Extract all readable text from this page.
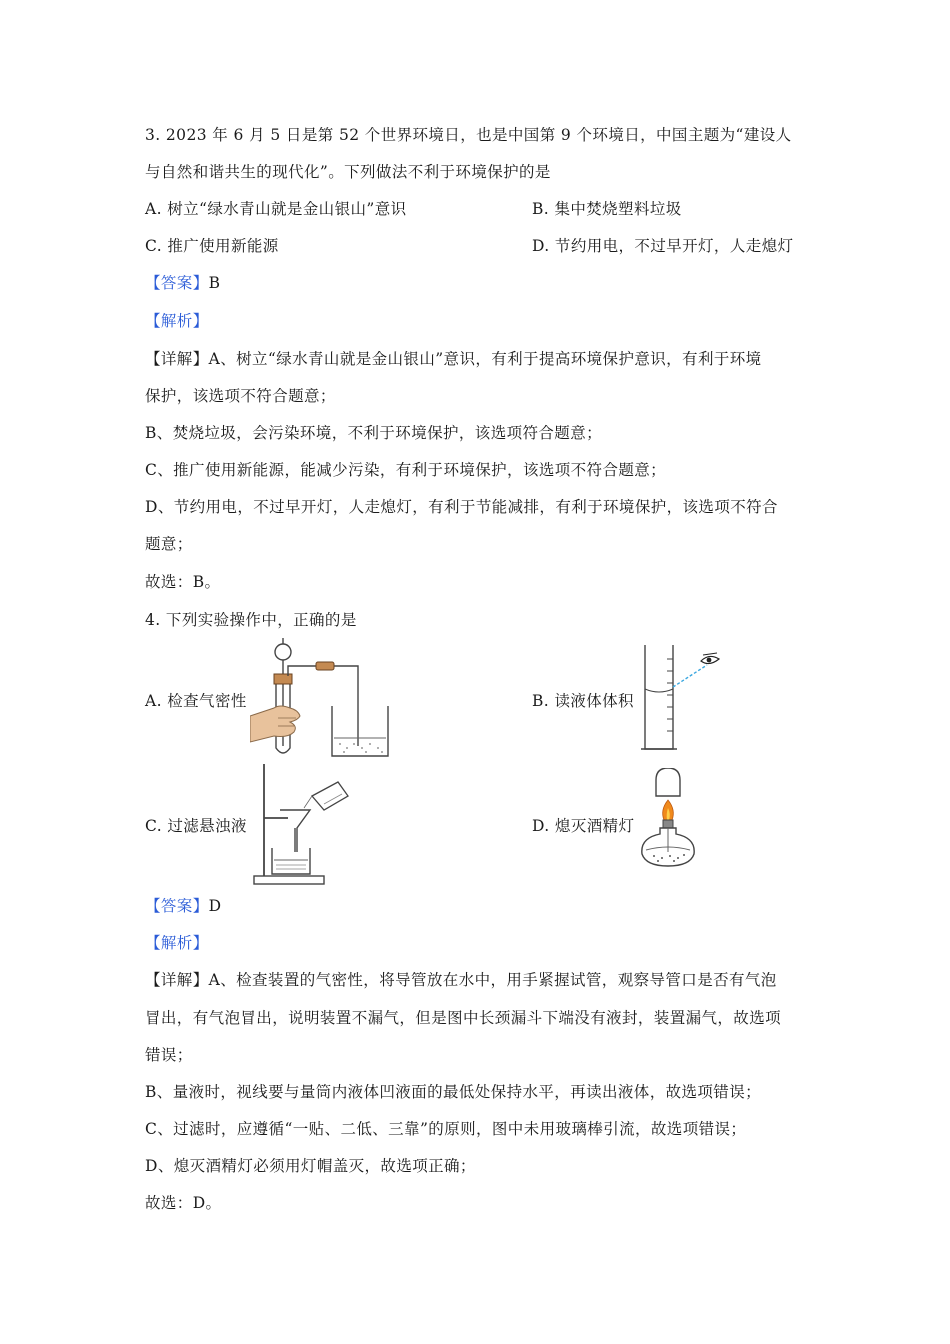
3. 2023 年 6 月 5 日是第 52 个世界环境日，也是中国第 9 个环境日，中国主题为“建设人
与自然和谐共生的现代化”。下列做法不利于环境保护的是
A. 树立“绿水青山就是金山银山”意识	B. 集中焚烧塑料垃圾
C. 推广使用新能源	D. 节约用电，不过早开灯，人走熄灯
【答案】B
【解析】
【详解】A、树立“绿水青山就是金山银山”意识，有利于提高环境保护意识，有利于环境
保护，该选项不符合题意；
B、焚烧垃圾，会污染环境，不利于环境保护，该选项符合题意；
C、推广使用新能源，能减少污染，有利于环境保护，该选项不符合题意；
D、节约用电，不过早开灯，人走熄灯，有利于节能减排，有利于环境保护，该选项不符合
题意；
故选：B。
4. 下列实验操作中，正确的是
A. 检查气密性	B. 读液体体积
C. 过滤悬浊液	D. 熄灭酒精灯
【答案】D
【解析】
【详解】A、检查装置的气密性，将导管放在水中，用手紧握试管，观察导管口是否有气泡
冒出，有气泡冒出，说明装置不漏气，但是图中长颈漏斗下端没有液封，装置漏气，故选项
错误；
B、量液时，视线要与量筒内液体凹液面的最低处保持水平，再读出液体，故选项错误；
C、过滤时，应遵循“一贴、二低、三靠”的原则，图中未用玻璃棒引流，故选项错误；
D、熄灭酒精灯必须用灯帽盖灭，故选项正确；
故选：D。
